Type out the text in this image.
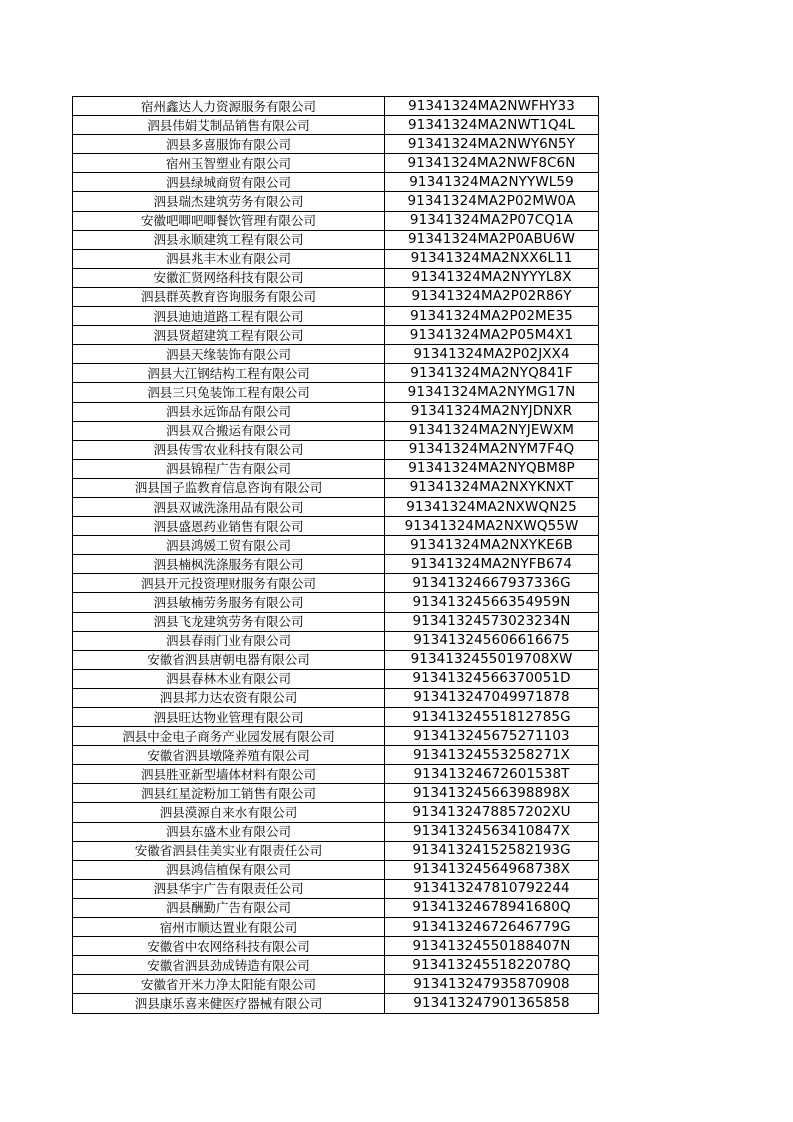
宿州鑫达人力资源服务有限公司	91341324MA2NWFHY33
泗县伟娟艾制品销售有限公司	91341324MA2NWT1Q4L
泗县多喜服饰有限公司	91341324MA2NWY6N5Y
宿州玉智塑业有限公司	91341324MA2NWF8C6N
泗县绿城商贸有限公司	91341324MA2NYYWL59
泗县瑞杰建筑劳务有限公司	91341324MA2P02MW0A
安徽吧唧吧唧餐饮管理有限公司	91341324MA2P07CQ1A
泗县永顺建筑工程有限公司	91341324MA2P0ABU6W
泗县兆丰木业有限公司	91341324MA2NXX6L11
安徽汇贤网络科技有限公司	91341324MA2NYYYL8X
泗县群英教育咨询服务有限公司	91341324MA2P02R86Y
泗县迪迪道路工程有限公司	91341324MA2P02ME35
泗县贤超建筑工程有限公司	91341324MA2P05M4X1
泗县天缘装饰有限公司	91341324MA2P02JXX4
泗县大江钢结构工程有限公司	91341324MA2NYQ841F
泗县三只兔装饰工程有限公司	91341324MA2NYMG17N
泗县永远饰品有限公司	91341324MA2NYJDNXR
泗县双合搬运有限公司	91341324MA2NYJEWXM
泗县传雪农业科技有限公司	91341324MA2NYM7F4Q
泗县锦程广告有限公司	91341324MA2NYQBM8P
泗县国子监教育信息咨询有限公司	91341324MA2NXYKNXT
泗县双诚洗涤用品有限公司	91341324MA2NXWQN25
泗县盛恩药业销售有限公司	91341324MA2NXWQ55W
泗县鸿媛工贸有限公司	91341324MA2NXYKE6B
泗县楠枫洗涤服务有限公司	91341324MA2NYFB674
泗县开元投资理财服务有限公司	91341324667937336G
泗县敏楠劳务服务有限公司	91341324566354959N
泗县飞龙建筑劳务有限公司	91341324573023234N
泗县春雨门业有限公司	913413245606616675
安徽省泗县唐朝电器有限公司	9134132455019708XW
泗县春林木业有限公司	91341324566370051D
泗县邦力达农资有限公司	913413247049971878
泗县旺达物业管理有限公司	91341324551812785G
泗县中金电子商务产业园发展有限公司	913413245675271103
安徽省泗县墩隆养殖有限公司	91341324553258271X
泗县胜亚新型墙体材料有限公司	91341324672601538T
泗县红星淀粉加工销售有限公司	91341324566398898X
泗县漠源自来水有限公司	9134132478857202XU
泗县东盛木业有限公司	91341324563410847X
安徽省泗县佳美实业有限责任公司	91341324152582193G
泗县鸿信植保有限公司	91341324564968738X
泗县华宇广告有限责任公司	913413247810792244
泗县酬勤广告有限公司	91341324678941680Q
宿州市顺达置业有限公司	91341324672646779G
安徽省中农网络科技有限公司	91341324550188407N
安徽省泗县劲成铸造有限公司	91341324551822078Q
安徽省开米力净太阳能有限公司	913413247935870908
泗县康乐喜来健医疗器械有限公司	913413247901365858
